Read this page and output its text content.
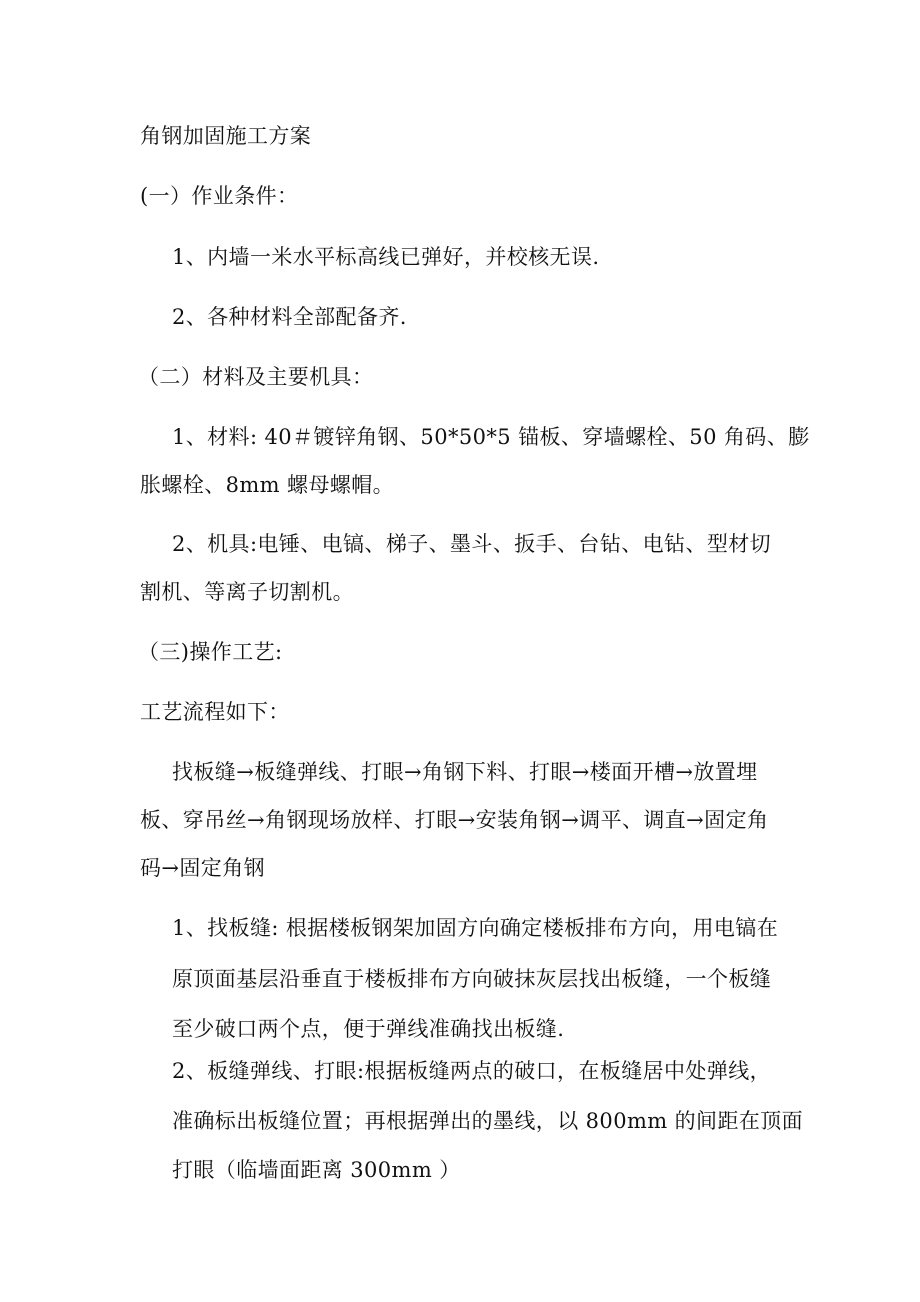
角钢加固施工方案
(一）作业条件：
1、内墙一米水平标高线已弹好，并校核无误.
2、各种材料全部配备齐.
（二）材料及主要机具：
1、材料: 40＃镀锌角钢、50*50*5 锚板、穿墙螺栓、50 角码、膨
胀螺栓、8mm 螺母螺帽。
2、机具:电锤、电镐、梯子、墨斗、扳手、台钻、电钻、型材切
割机、等离子切割机。
（三)操作工艺:
工艺流程如下：
找板缝→板缝弹线、打眼→角钢下料、打眼→楼面开槽→放置埋
板、穿吊丝→角钢现场放样、打眼→安装角钢→调平、调直→固定角
码→固定角钢
1、找板缝: 根据楼板钢架加固方向确定楼板排布方向，用电镐在
原顶面基层沿垂直于楼板排布方向破抹灰层找出板缝，一个板缝
至少破口两个点，便于弹线准确找出板缝.
2、板缝弹线、打眼:根据板缝两点的破口，在板缝居中处弹线，
准确标出板缝位置；再根据弹出的墨线，以 800mm 的间距在顶面
打眼（临墙面距离 300mm ）
